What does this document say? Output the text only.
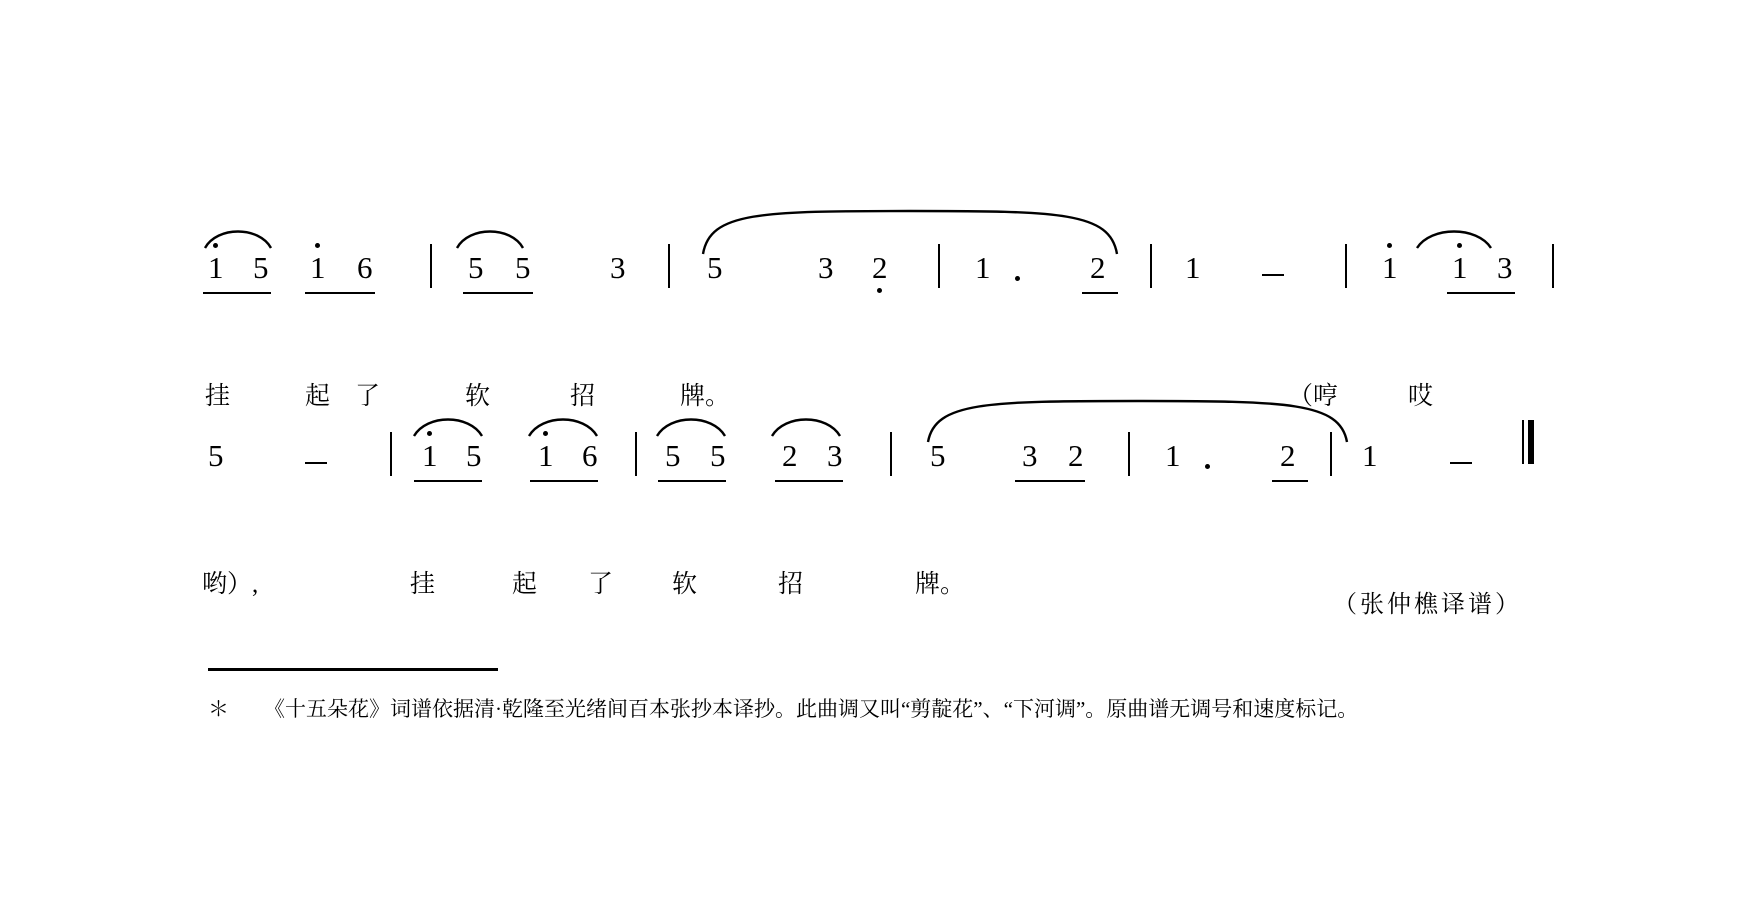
1 5 1 6	5 5	3	5	3 2	1	2	1	1 1 3
挂	起 了	软	招	牌。	（哼	哎
5	1 5 1 6 5 5 2 3	5 3 2	1	2 1
哟）,	挂	起 了 软	招	牌。
（张仲樵译谱）
＊ 《十五朵花》词谱依据清·乾隆至光绪间百本张抄本译抄。此曲调又叫“剪靛花”、“下河调”。原曲谱无调号和速度标记。
